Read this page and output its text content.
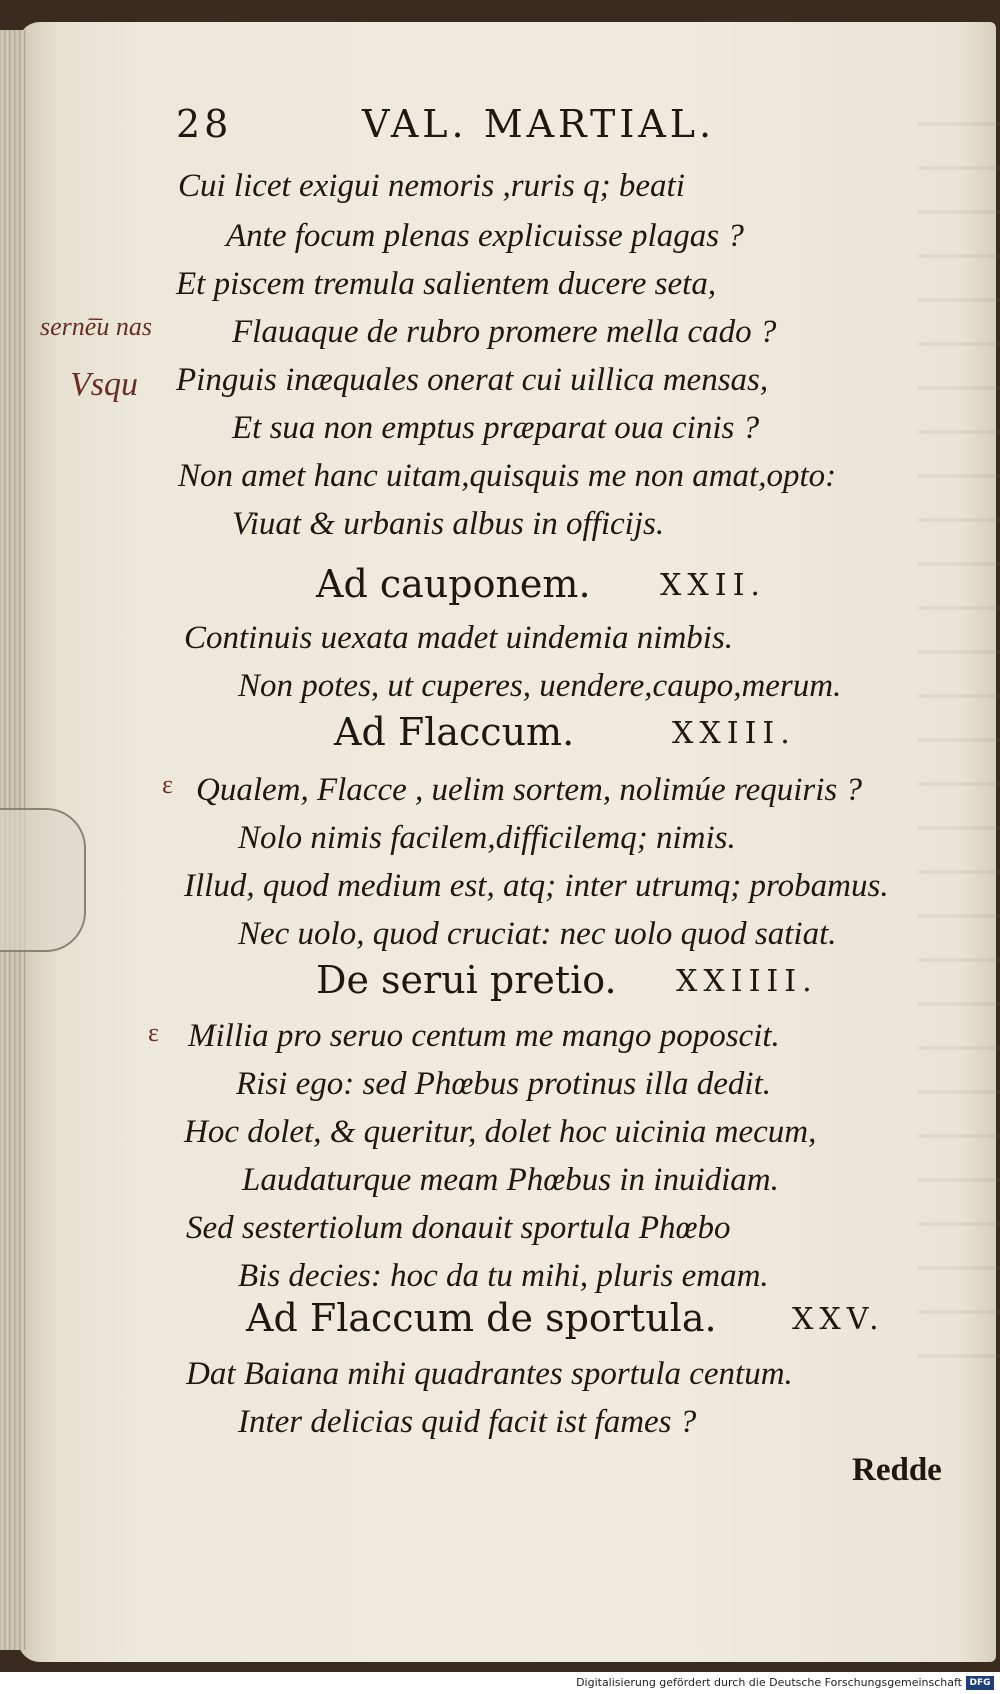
28	VAL. MARTIAL.
Cui licet exigui nemoris ,ruris q; beati
Ante focum plenas explicuisse plagas ?
Et piscem tremula salientem ducere seta,
Flauaque de rubro promere mella cado ?
Pinguis inæquales onerat cui uillica mensas,
Et sua non emptus præparat oua cinis ?
Non amet hanc uitam,quisquis me non amat,opto:
Viuat & urbanis albus in officijs.
Ad cauponem. XXII.
Continuis uexata madet uindemia nimbis.
Non potes, ut cuperes, uendere,caupo,merum.
Ad Flaccum.	XXIII.
Qualem, Flacce , uelim sortem, nolimúe requiris ?
Nolo nimis facilem,difficilemq; nimis.
Illud, quod medium est, atq; inter utrumq; probamus.
Nec uolo, quod cruciat: nec uolo quod satiat.
De serui pretio. XXIIII.
Millia pro seruo centum me mango poposcit.
Risi ego: sed Phœbus protinus illa dedit.
Hoc dolet, & queritur, dolet hoc uicinia mecum,
Laudaturque meam Phœbus in inuidiam.
Sed sestertiolum donauit sportula Phœbo
Bis decies: hoc da tu mihi, pluris emam.
Ad Flaccum de sportula.	XXV.
Dat Baiana mihi quadrantes sportula centum.
Inter delicias quid facit ist fames ?
Redde
sernē̄u nas
Vsqu
ɛ
ɛ
Digitalisierung gefördert durch die Deutsche Forschungsgemeinschaft DFG
